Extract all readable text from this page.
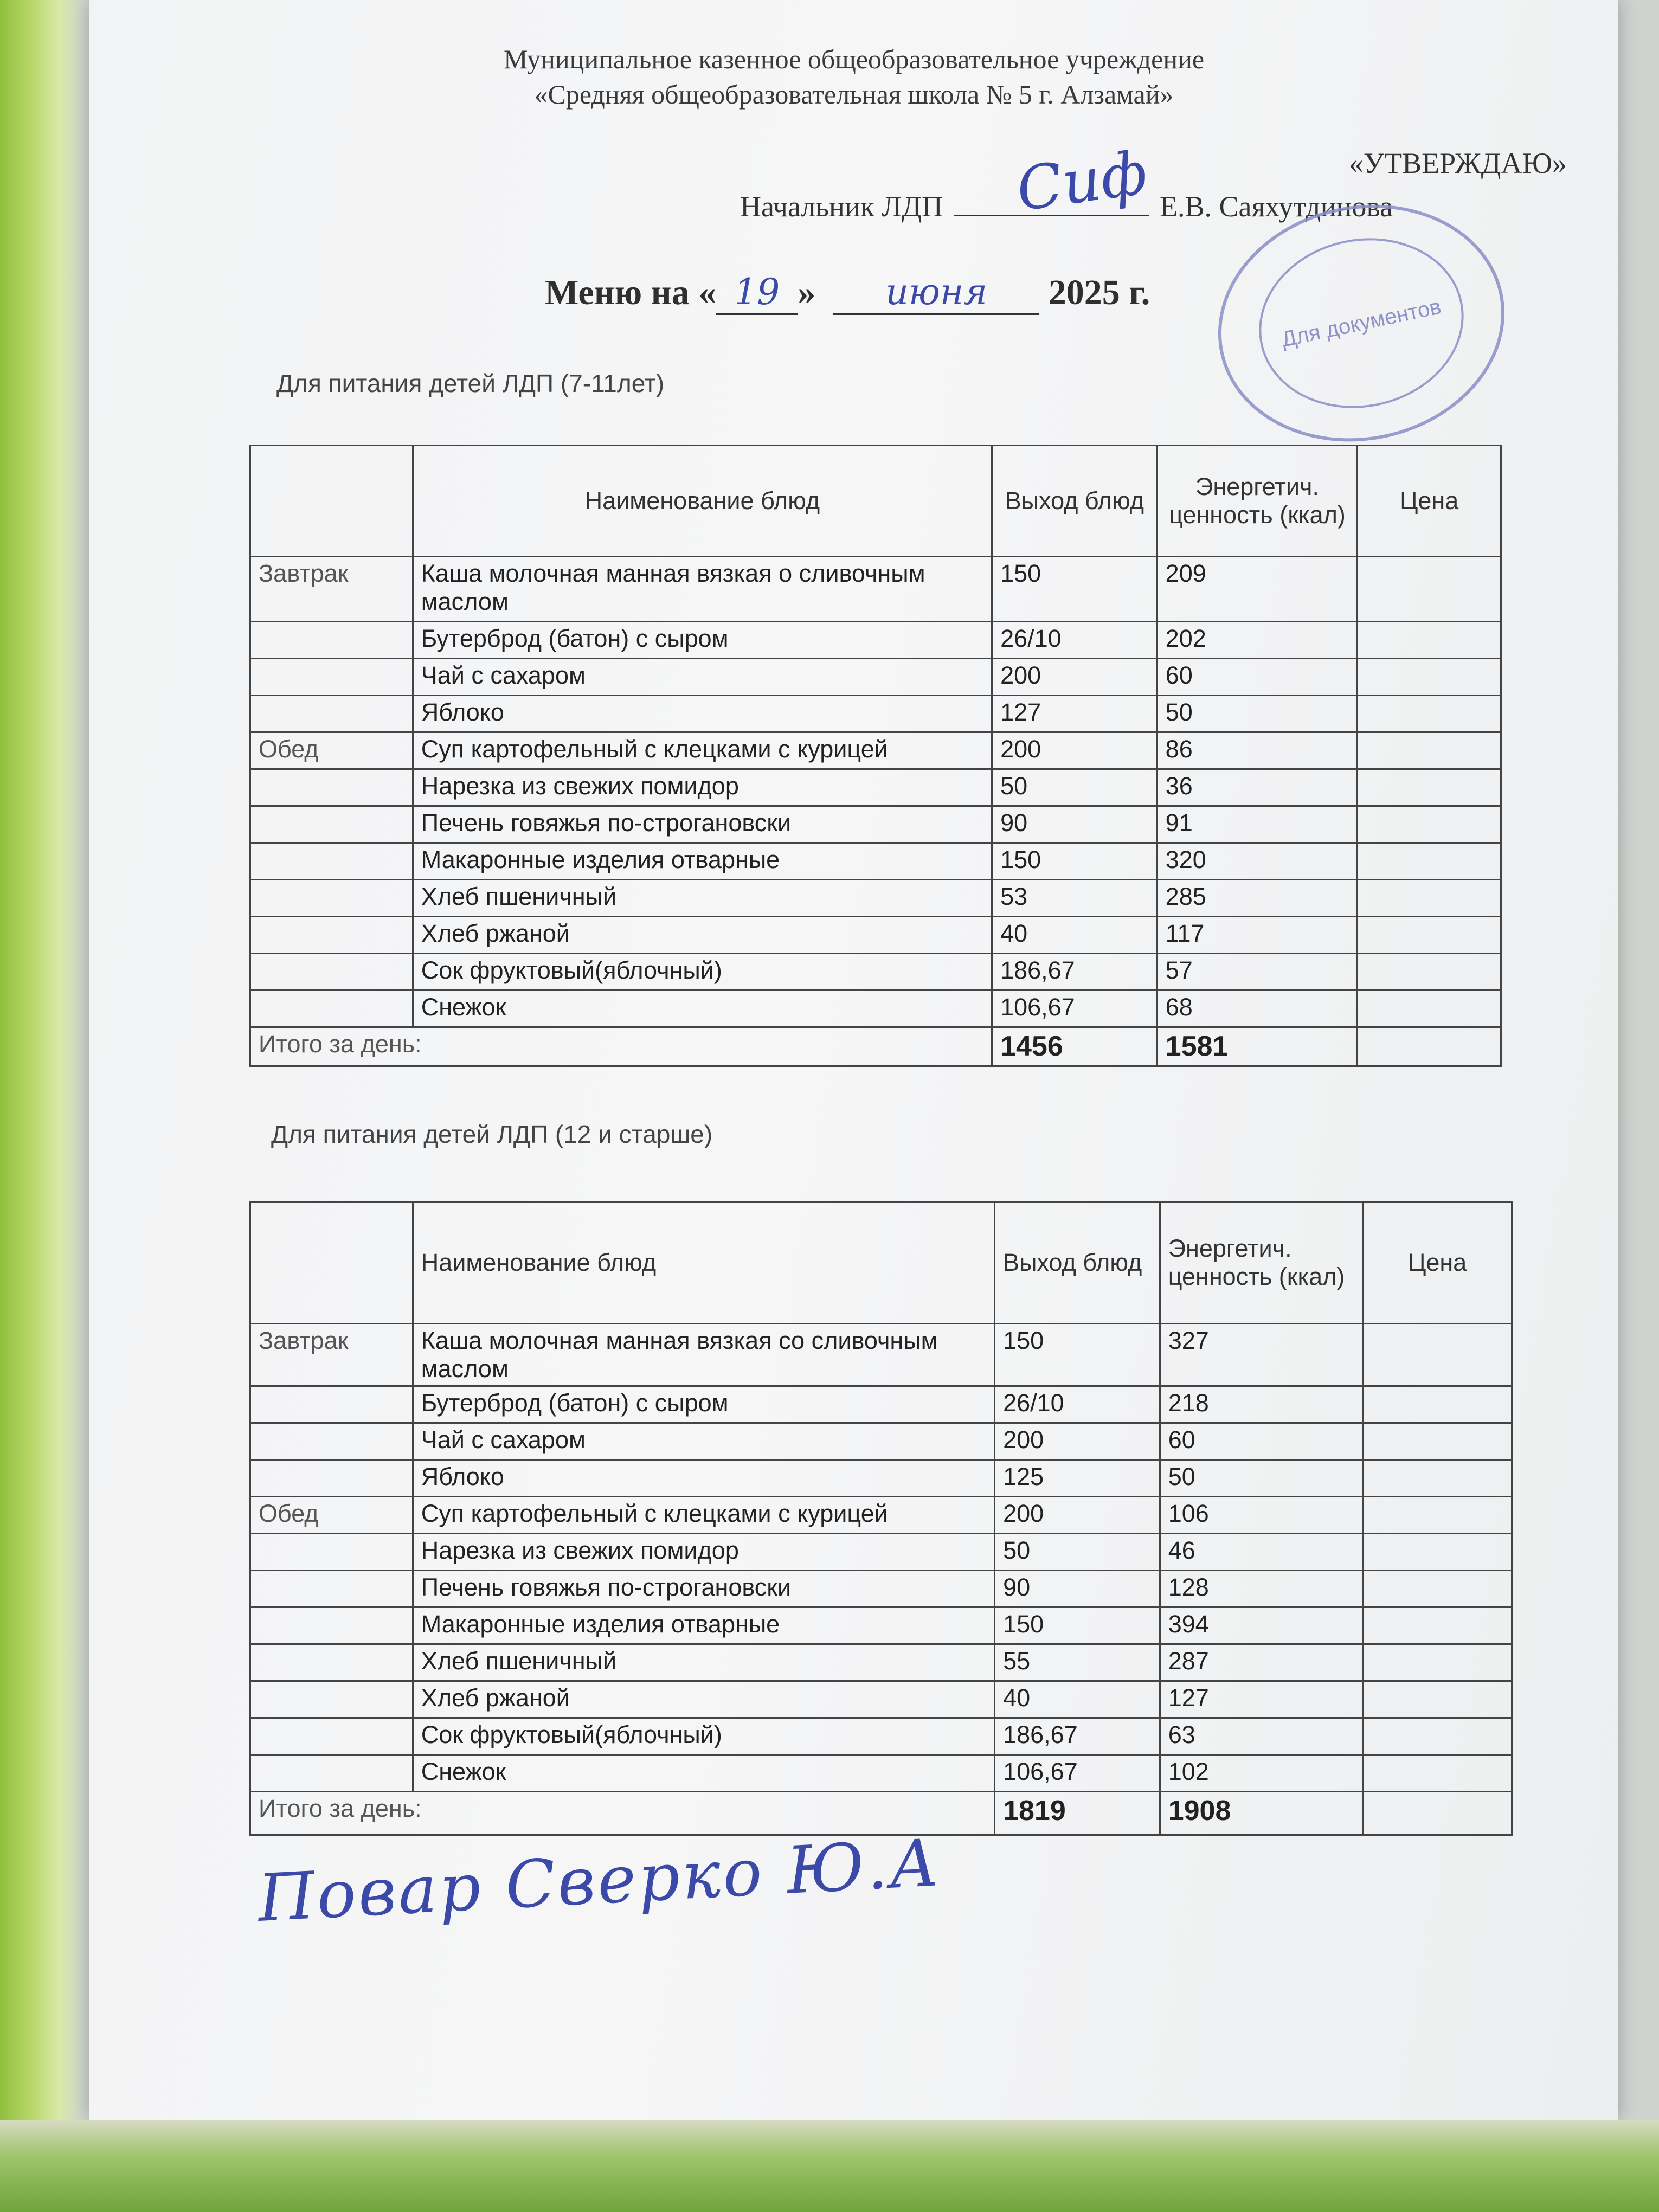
Муниципальное казенное общеобразовательное учреждение
«Средняя общеобразовательная школа № 5 г. Алзамай»
«УТВЕРЖДАЮ»
Начальник ЛДП	Е.В. Саяхутдинова
Сиф
Для документов
Меню на « 19 » июня 2025 г.
Для питания детей ЛДП (7-11лет)
	Наименование блюд	Выход блюд	Энергетич. ценность (ккал)	Цена
Завтрак	Каша молочная манная вязкая о сливочным маслом	150	209	
	Бутерброд (батон) с сыром	26/10	202	
	Чай с сахаром	200	60	
	Яблоко	127	50	
Обед	Суп картофельный с клецками с курицей	200	86	
	Нарезка из свежих помидор	50	36	
	Печень говяжья по-строгановски	90	91	
	Макаронные изделия отварные	150	320	
	Хлеб пшеничный	53	285	
	Хлеб ржаной	40	117	
	Сок фруктовый(яблочный)	186,67	57	
	Снежок	106,67	68	
Итого за день:		1456	1581	
Для питания детей ЛДП (12 и старше)
	Наименование блюд	Выход блюд	Энергетич. ценность (ккал)	Цена
Завтрак	Каша молочная манная вязкая со сливочным маслом	150	327	
	Бутерброд (батон) с сыром	26/10	218	
	Чай с сахаром	200	60	
	Яблоко	125	50	
Обед	Суп картофельный с клецками с курицей	200	106	
	Нарезка из свежих помидор	50	46	
	Печень говяжья по-строгановски	90	128	
	Макаронные изделия отварные	150	394	
	Хлеб пшеничный	55	287	
	Хлеб ржаной	40	127	
	Сок фруктовый(яблочный)	186,67	63	
	Снежок	106,67	102	
Итого за день:		1819	1908	
Повар Сверко Ю.А
